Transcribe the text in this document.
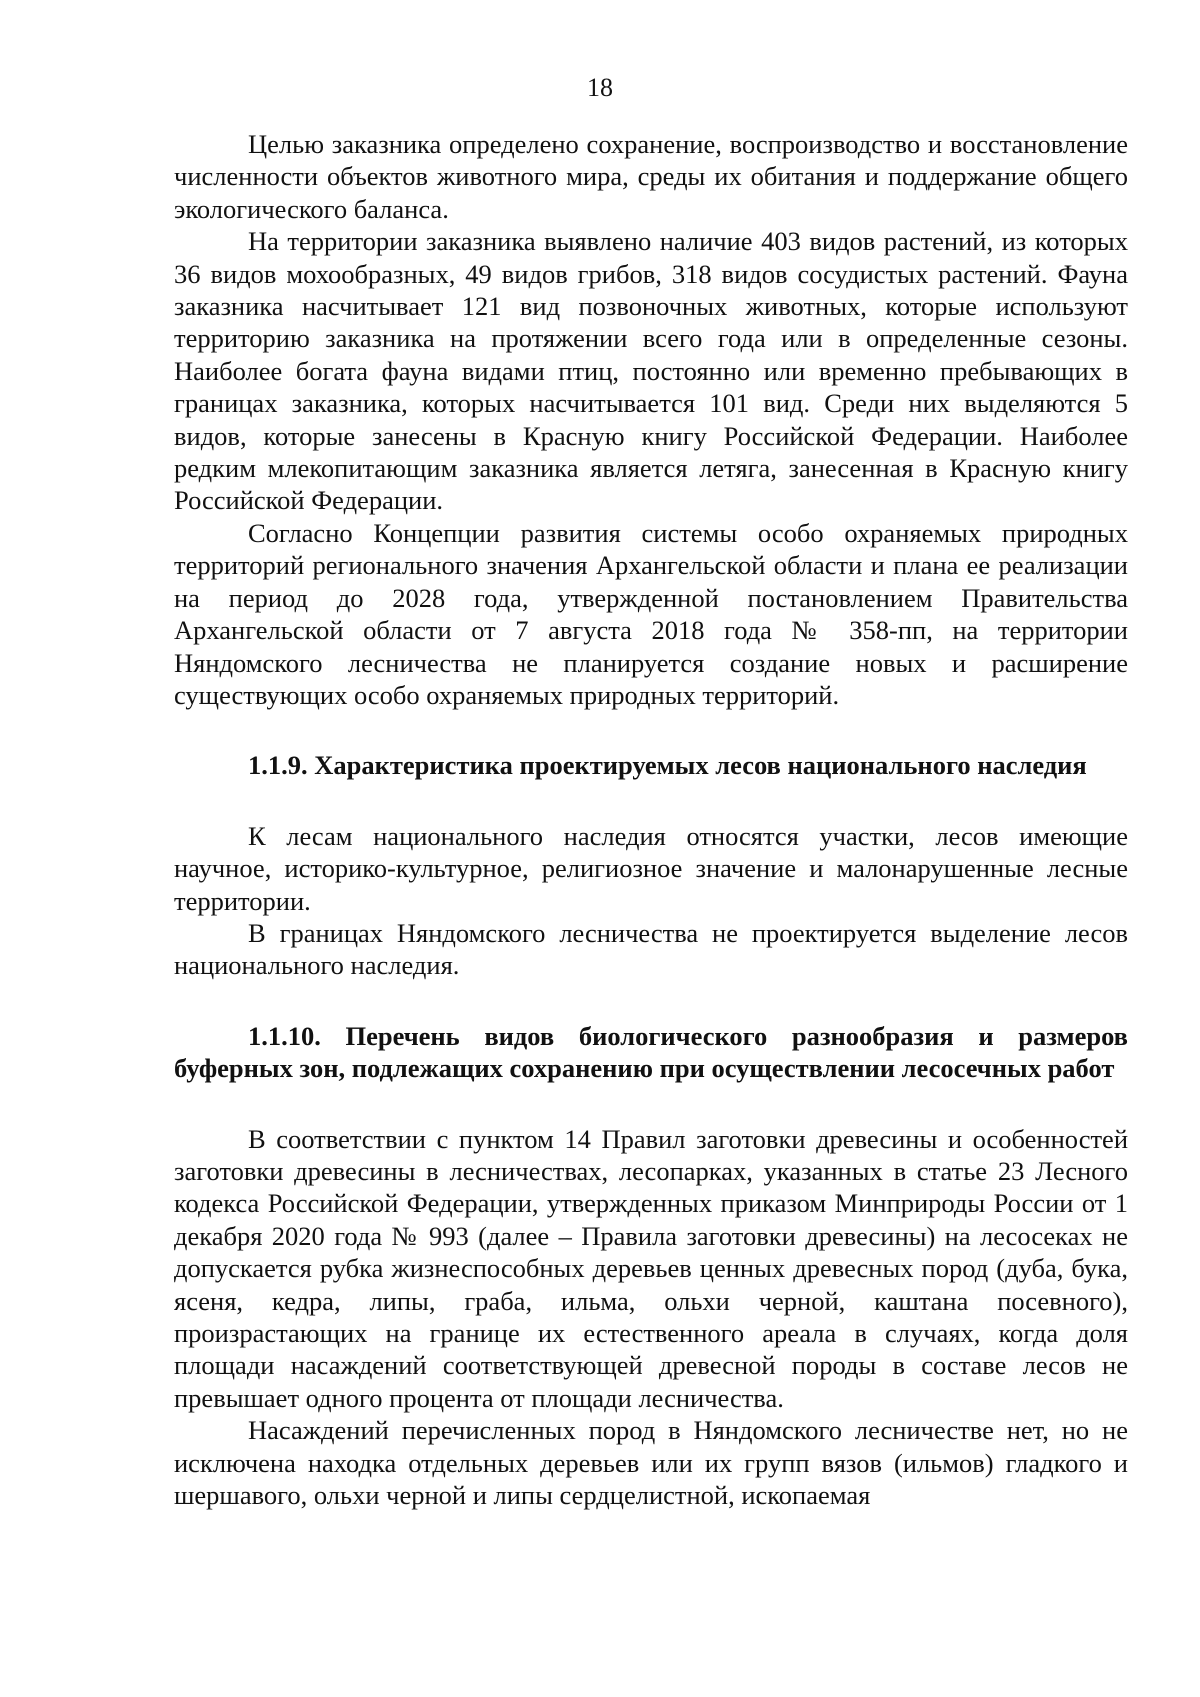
18

Целью заказника определено сохранение, воспроизводство и восстановление численности объектов животного мира, среды их обитания и поддержание общего экологического баланса.

На территории заказника выявлено наличие 403 видов растений, из которых 36 видов мохообразных, 49 видов грибов, 318 видов сосудистых растений. Фауна заказника насчитывает 121 вид позвоночных животных, которые используют территорию заказника на протяжении всего года или в определенные сезоны. Наиболее богата фауна видами птиц, постоянно или временно пребывающих в границах заказника, которых насчитывается 101 вид. Среди них выделяются 5 видов, которые занесены в Красную книгу Российской Федерации. Наиболее редким млекопитающим заказника является летяга, занесенная в Красную книгу Российской Федерации.

Согласно Концепции развития системы особо охраняемых природных территорий регионального значения Архангельской области и плана ее реализации на период до 2028 года, утвержденной постановлением Правительства Архангельской области от 7 августа 2018 года № 358-пп, на территории Няндомского лесничества не планируется создание новых и расширение существующих особо охраняемых природных территорий.

1.1.9. Характеристика проектируемых лесов национального наследия

К лесам национального наследия относятся участки, лесов имеющие научное, историко-культурное, религиозное значение и малонарушенные лесные территории.

В границах Няндомского лесничества не проектируется выделение лесов национального наследия.

1.1.10. Перечень видов биологического разнообразия и размеров буферных зон, подлежащих сохранению при осуществлении лесосечных работ

В соответствии с пунктом 14 Правил заготовки древесины и особенностей заготовки древесины в лесничествах, лесопарках, указанных в статье 23 Лесного кодекса Российской Федерации, утвержденных приказом Минприроды России от 1 декабря 2020 года № 993 (далее – Правила заготовки древесины) на лесосеках не допускается рубка жизнеспособных деревьев ценных древесных пород (дуба, бука, ясеня, кедра, липы, граба, ильма, ольхи черной, каштана посевного), произрастающих на границе их естественного ареала в случаях, когда доля площади насаждений соответствующей древесной породы в составе лесов не превышает одного процента от площади лесничества.

Насаждений перечисленных пород в Няндомского лесничестве нет, но не исключена находка отдельных деревьев или их групп вязов (ильмов) гладкого и шершавого, ольхи черной и липы сердцелистной, ископаемая
